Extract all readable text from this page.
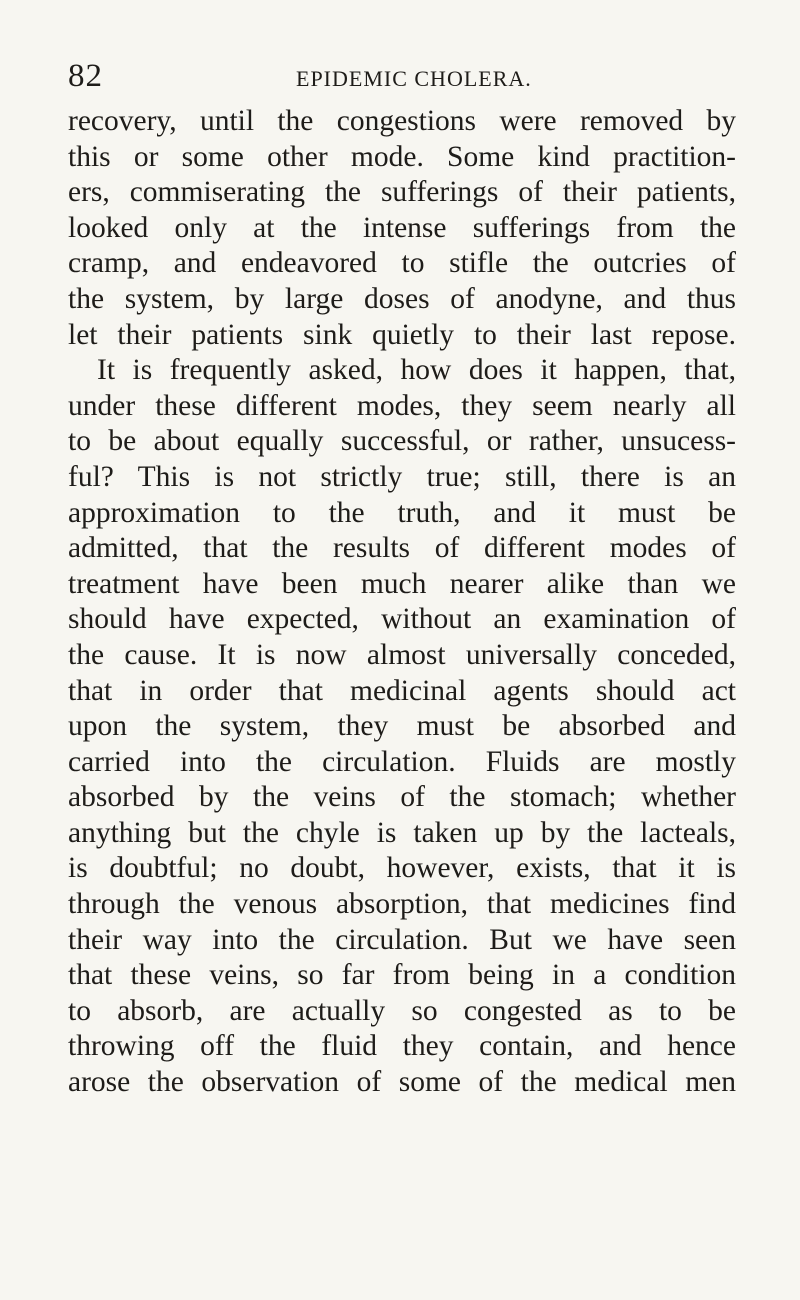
82	EPIDEMIC CHOLERA.
recovery, until the congestions were removed by
this or some other mode. Some kind practition-
ers, commiserating the sufferings of their patients,
looked only at the intense sufferings from the
cramp, and endeavored to stifle the outcries of
the system, by large doses of anodyne, and thus
let their patients sink quietly to their last repose.
It is frequently asked, how does it happen, that,
under these different modes, they seem nearly all
to be about equally successful, or rather, unsucess-
ful? This is not strictly true; still, there is an
approximation to the truth, and it must be
admitted, that the results of different modes of
treatment have been much nearer alike than we
should have expected, without an examination of
the cause. It is now almost universally conceded,
that in order that medicinal agents should act
upon the system, they must be absorbed and
carried into the circulation. Fluids are mostly
absorbed by the veins of the stomach; whether
anything but the chyle is taken up by the lacteals,
is doubtful; no doubt, however, exists, that it is
through the venous absorption, that medicines find
their way into the circulation. But we have seen
that these veins, so far from being in a condition
to absorb, are actually so congested as to be
throwing off the fluid they contain, and hence
arose the observation of some of the medical men
